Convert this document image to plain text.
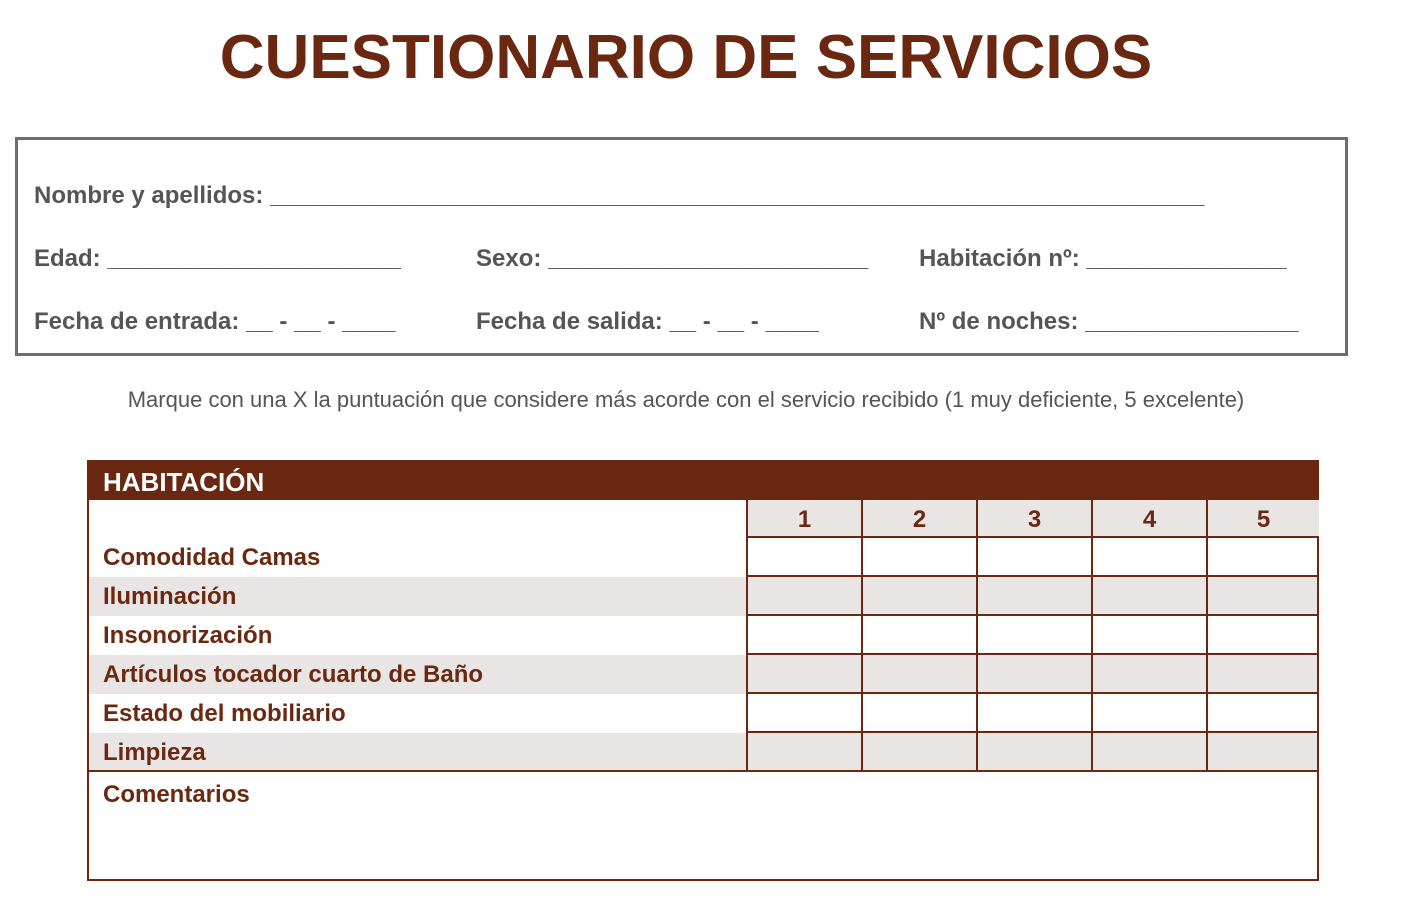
CUESTIONARIO DE SERVICIOS
Nombre y apellidos: ______________________________________________________________________
Edad: ______________________	Sexo: ________________________ Habitación nº: _______________
Fecha de entrada: __ - __ - ____	Fecha de salida: __ - __ - ____	Nº de noches: ________________
Marque con una X la puntuación que considere más acorde con el servicio recibido (1 muy deficiente, 5 excelente)
HABITACIÓN
1	2	3	4	5
Comodidad Camas
Iluminación
Insonorización
Artículos tocador cuarto de Baño
Estado del mobiliario
Limpieza
Comentarios
